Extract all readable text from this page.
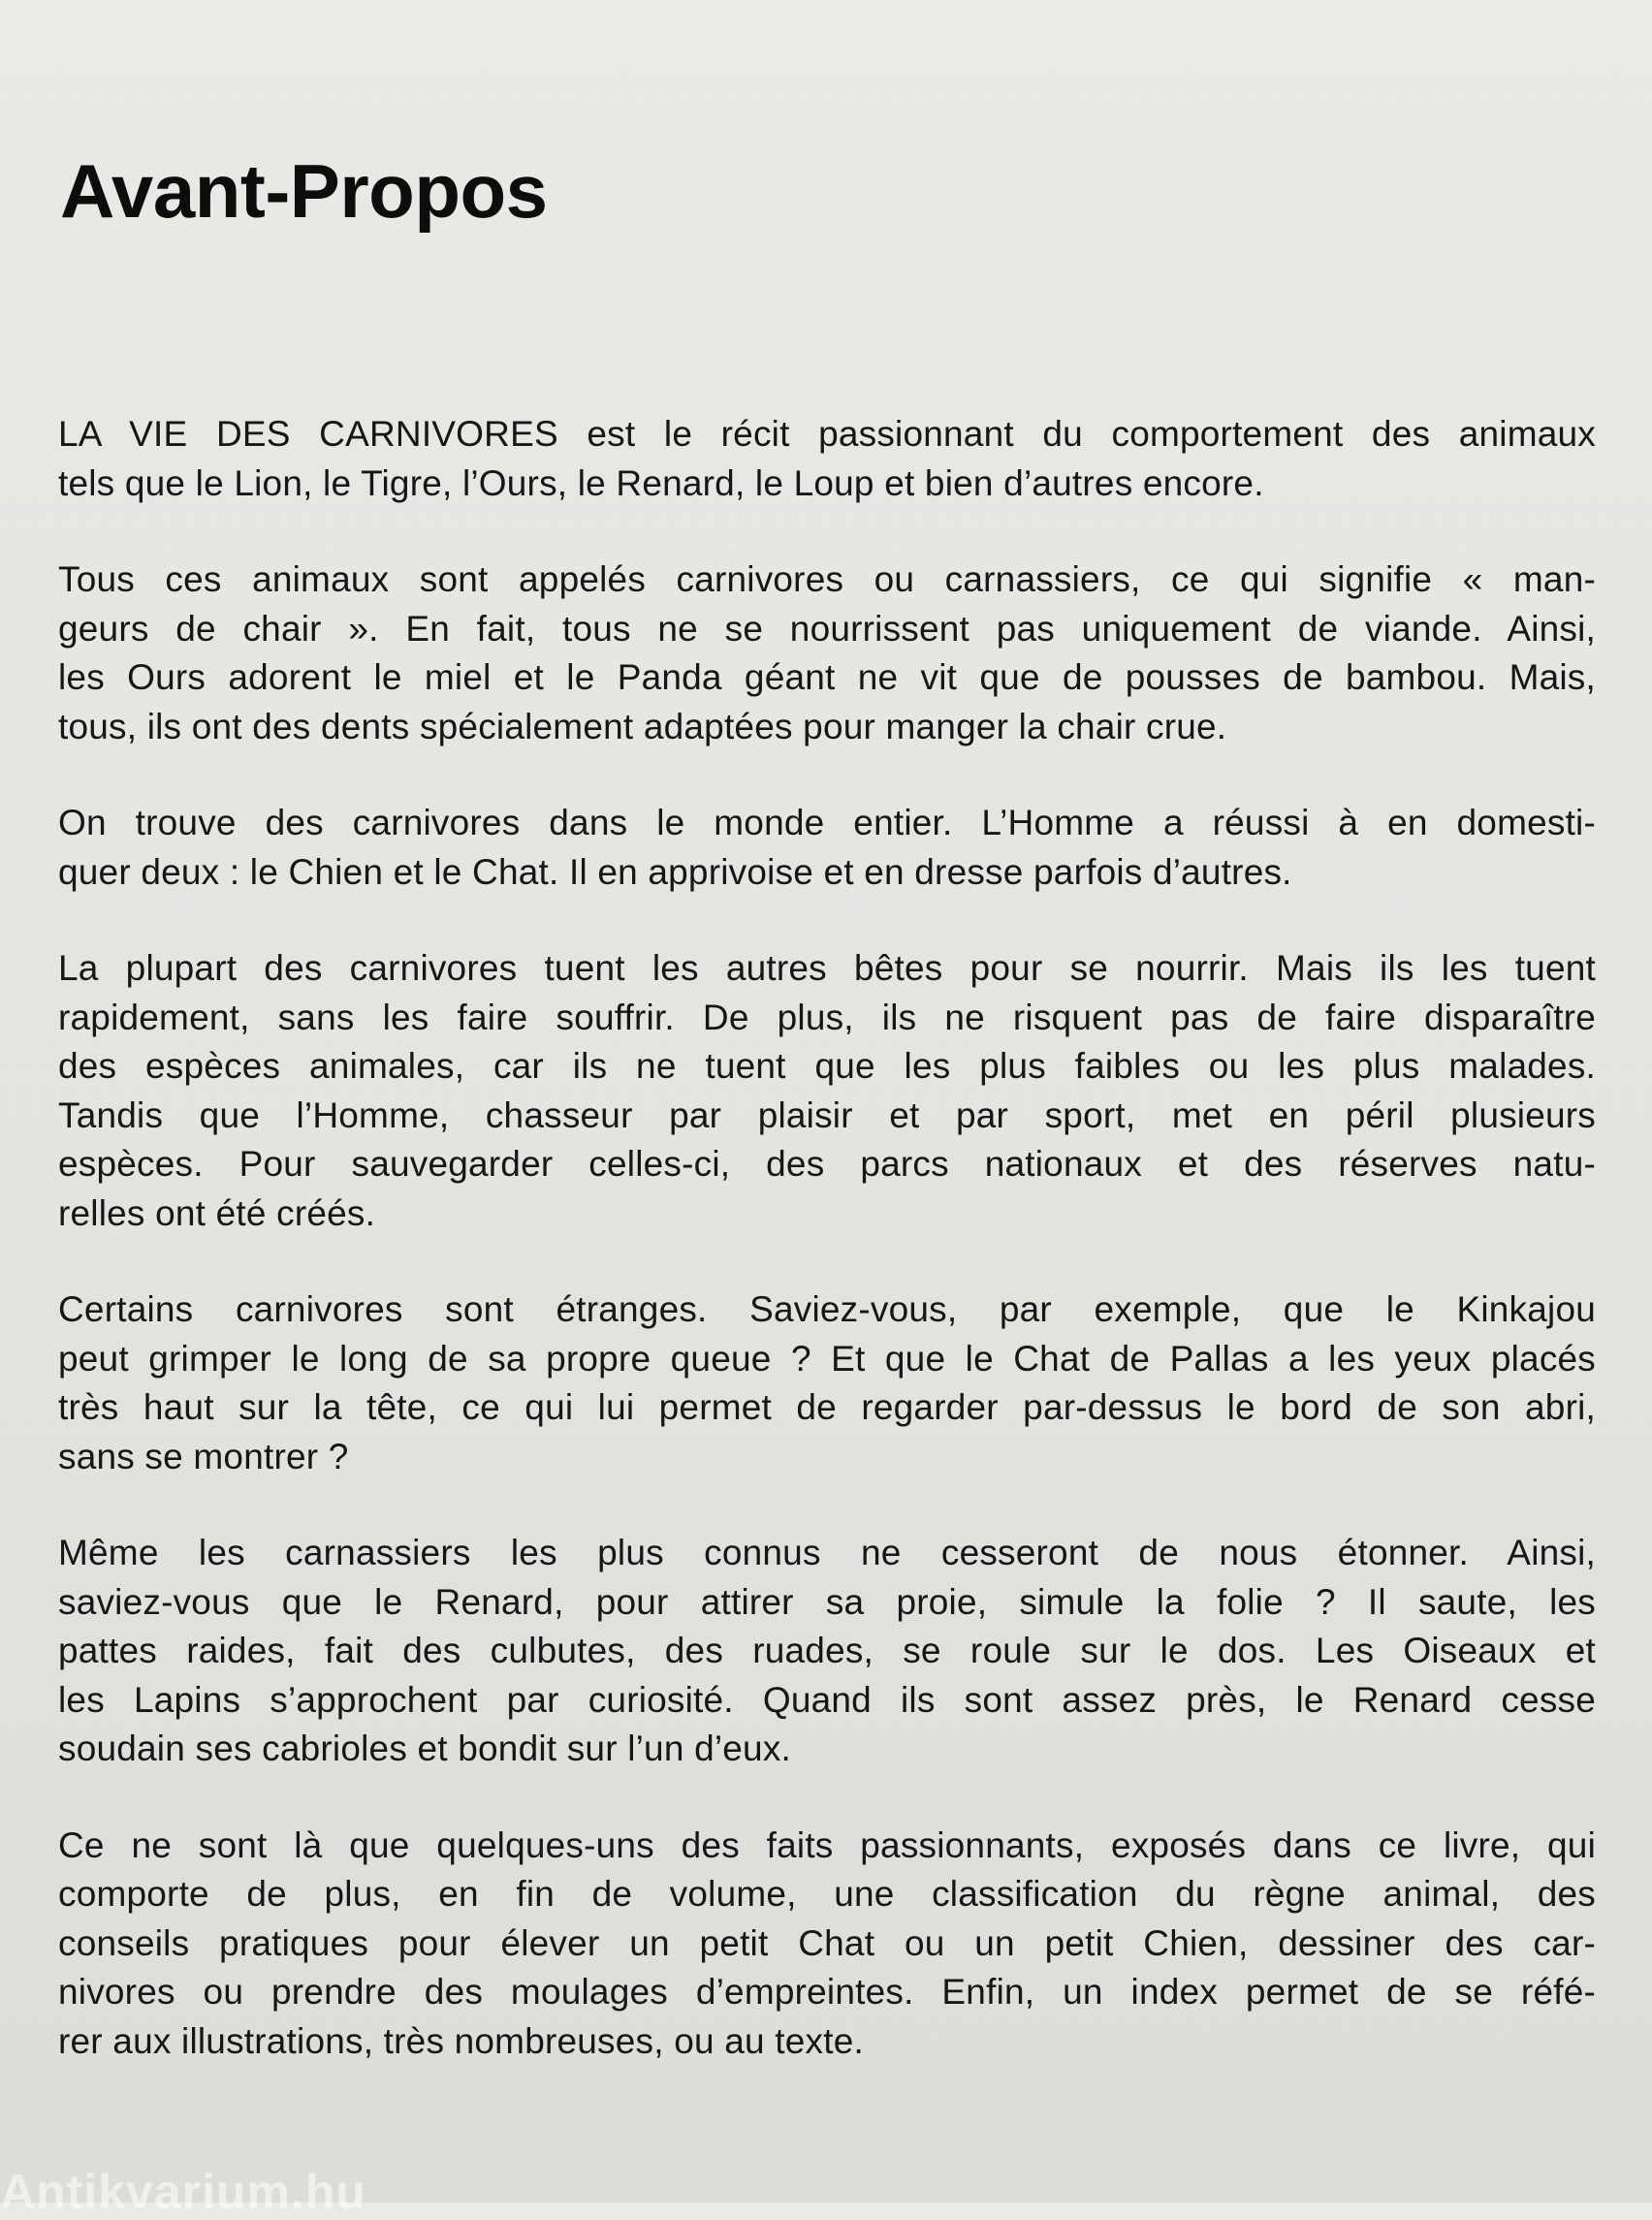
Avant-Propos

LA VIE DES CARNIVORES est le récit passionnant du comportement des animaux
tels que le Lion, le Tigre, l’Ours, le Renard, le Loup et bien d’autres encore.

Tous ces animaux sont appelés carnivores ou carnassiers, ce qui signifie « man-
geurs de chair ». En fait, tous ne se nourrissent pas uniquement de viande. Ainsi,
les Ours adorent le miel et le Panda géant ne vit que de pousses de bambou. Mais,
tous, ils ont des dents spécialement adaptées pour manger la chair crue.

On trouve des carnivores dans le monde entier. L’Homme a réussi à en domesti-
quer deux : le Chien et le Chat. Il en apprivoise et en dresse parfois d’autres.

La plupart des carnivores tuent les autres bêtes pour se nourrir. Mais ils les tuent
rapidement, sans les faire souffrir. De plus, ils ne risquent pas de faire disparaître
des espèces animales, car ils ne tuent que les plus faibles ou les plus malades.
Tandis que l’Homme, chasseur par plaisir et par sport, met en péril plusieurs
espèces. Pour sauvegarder celles-ci, des parcs nationaux et des réserves natu-
relles ont été créés.

Certains carnivores sont étranges. Saviez-vous, par exemple, que le Kinkajou
peut grimper le long de sa propre queue ? Et que le Chat de Pallas a les yeux placés
très haut sur la tête, ce qui lui permet de regarder par-dessus le bord de son abri,
sans se montrer ?

Même les carnassiers les plus connus ne cesseront de nous étonner. Ainsi,
saviez-vous que le Renard, pour attirer sa proie, simule la folie ? Il saute, les
pattes raides, fait des culbutes, des ruades, se roule sur le dos. Les Oiseaux et
les Lapins s’approchent par curiosité. Quand ils sont assez près, le Renard cesse
soudain ses cabrioles et bondit sur l’un d’eux.

Ce ne sont là que quelques-uns des faits passionnants, exposés dans ce livre, qui
comporte de plus, en fin de volume, une classification du règne animal, des
conseils pratiques pour élever un petit Chat ou un petit Chien, dessiner des car-
nivores ou prendre des moulages d’empreintes. Enfin, un index permet de se réfé-
rer aux illustrations, très nombreuses, ou au texte.

Antikvarium.hu
